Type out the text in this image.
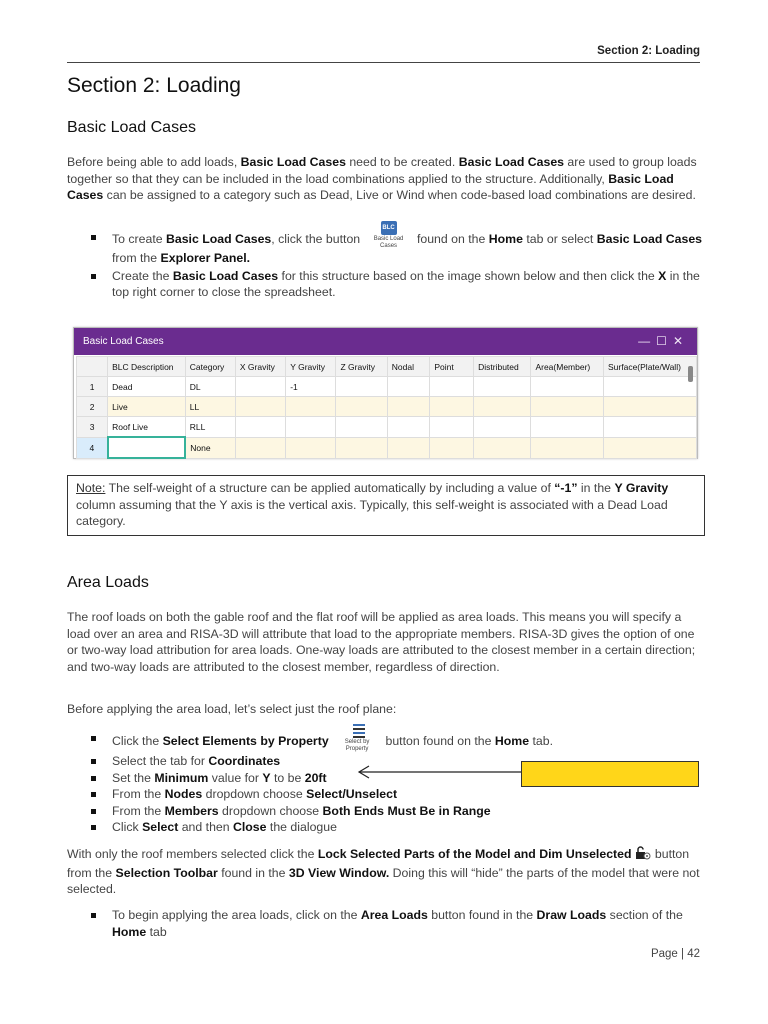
Section 2: Loading
Section 2: Loading
Basic Load Cases

Before being able to add loads, Basic Load Cases need to be created. Basic Load Cases are used to group loads together so that they can be included in the load combinations applied to the structure. Additionally, Basic Load Cases can be assigned to a category such as Dead, Live or Wind when code-based load combinations are desired.

To create Basic Load Cases, click the button
BLC
Basic Load Cases found on the Home tab or select Basic Load Cases from the Explorer Panel.
Create the Basic Load Cases for this structure based on the image shown below and then click the X in the top right corner to close the spreadsheet.
Basic Load Cases	—☐✕
	BLC Description	Category	X Gravity	Y Gravity	Z Gravity	Nodal	Point	Distributed	Area(Member)	Surface(Plate/Wall)
1	Dead	DL		-1						
2	Live	LL								
3	Roof Live	RLL								
4		None								
Note: The self-weight of a structure can be applied automatically by including a value of “-1” in the Y Gravity column assuming that the Y axis is the vertical axis. Typically, this self-weight is associated with a Dead Load category.
Area Loads

The roof loads on both the gable roof and the flat roof will be applied as area loads. This means you will specify a load over an area and RISA-3D will attribute that load to the appropriate members. RISA-3D gives the option of one or two-way load attribution for area loads. One-way loads are attributed to the closest member in a certain direction; and two-way loads are attributed to the closest member, regardless of direction.

Before applying the area load, let’s select just the roof plane:

Click the Select Elements by Property	Select by Property button found on the Home tab.
Select the tab for Coordinates
Set the Minimum value for Y to be 20ft
From the Nodes dropdown choose Select/Unselect
From the Members dropdown choose Both Ends Must Be in Range
Click Select and then Close the dialogue

With only the roof members selected click the Lock Selected Parts of the Model and Dim Unselected button from the Selection Toolbar found in the 3D View Window. Doing this will “hide” the parts of the model that were not selected.

To begin applying the area loads, click on the Area Loads button found in the Draw Loads section of the Home tab
Page | 42
